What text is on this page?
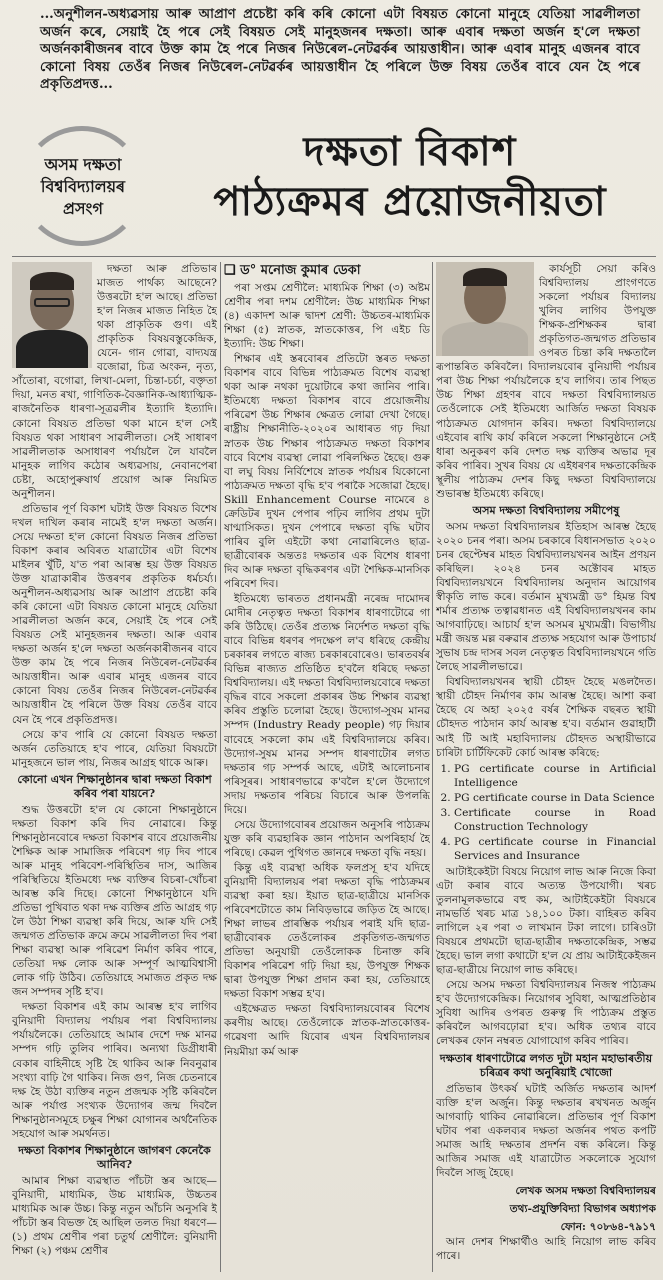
...অনুশীলন-অধ্যৱসায় আৰু আপ্ৰাণ প্ৰচেষ্টা কৰি কৰি কোনো এটা বিষয়ত কোনো মানুহে যেতিয়া সাৱলীলতা অৰ্জন কৰে, সেয়াই হৈ পৰে সেই বিষয়ত সেই মানুহজনৰ দক্ষতা। আৰু এবাৰ দক্ষতা অৰ্জন হ'লে দক্ষতা অৰ্জনকাৰীজনৰ বাবে উক্ত কাম হৈ পৰে নিজৰ নিউৰেল-নেটৱৰ্কৰ আয়ত্তাধীন। আৰু এবাৰ মানুহ এজনৰ বাবে কোনো বিষয় তেওঁৰ নিজৰ নিউৰেল-নেটৱৰ্কৰ আয়ত্তাধীন হৈ পৰিলে উক্ত বিষয় তেওঁৰ বাবে যেন হৈ পৰে প্ৰকৃতিপ্ৰদত্ত...

অসম দক্ষতা
বিশ্ববিদ্যালয়ৰ
প্ৰসংগ
দক্ষতা বিকাশ
পাঠ্যক্ৰমৰ প্ৰয়োজনীয়তা

দক্ষতা আৰু প্ৰতিভাৰ মাজত পাৰ্থক্য আছেনে? উত্তৰটো হ'ল আছে। প্ৰতিভা হ'ল নিজৰ মাজত নিহিত হৈ থকা প্ৰাকৃতিক গুণ। এই প্ৰাকৃতিক বিষয়বস্তুকেন্দ্ৰিক, যেনে- গান গোৱা, বাদ্যযন্ত্ৰ বজোৱা, চিত্ৰ অংকন, নৃত্য, সাঁতোৰা, বগোৱা, লিখা-মেলা, চিন্তা-চৰ্চা, বক্তৃতা দিয়া, মনত ৰখা, গাণিতিক-বৈজ্ঞানিক-আধ্যাত্মিক-ৰাজনৈতিক ধাৰণা-সূত্ৰৱলীৰ ইত্যাদি ইত্যাদি। কোনো বিষয়ত প্ৰতিভা থকা মানে হ'ল সেই বিষয়ত থকা সাধাৰণ সাৱলীলতা। সেই সাধাৰণ সাৱলীলতাক অসাধাৰণ পৰ্যায়লৈ লৈ যাবলৈ মানুহক লাগিব কঠোৰ অধ্যৱসায়, নেবানপেৰা চেষ্টা, অহোপুৰুষাৰ্থ প্ৰয়োগ আৰু নিয়মিত অনুশীলন।

প্ৰতিভাৰ পূৰ্ণ বিকাশ ঘটাই উক্ত বিষয়ত বিশেষ দখল দাখিল কৰাৰ নামেই হ'ল দক্ষতা অৰ্জন। সেয়ে দক্ষতা হ'ল কোনো বিষয়ত নিজৰ প্ৰতিভা বিকাশ কৰাৰ অবিৰত যাত্ৰাটোৰ এটা বিশেষ মাইলৰ খুঁটি, য'ত পৰা আৰম্ভ হয় উক্ত বিষয়ত উক্ত যাত্ৰাকাৰীৰ উত্তৰণৰ প্ৰকৃতিক ধৰ্মচৰ্য্য। অনুশীলন-অধ্যৱসায় আৰু আপ্ৰাণ প্ৰচেষ্টা কৰি কৰি কোনো এটা বিষয়ত কোনো মানুহে যেতিয়া সাৱলীলতা অৰ্জন কৰে, সেয়াই হৈ পৰে সেই বিষয়ত সেই মানুহজনৰ দক্ষতা। আৰু এবাৰ দক্ষতা অৰ্জন হ'লে দক্ষতা অৰ্জনকাৰীজনৰ বাবে উক্ত কাম হৈ পৰে নিজৰ নিউৰেল-নেটৱৰ্কৰ আয়ত্তাধীন। আৰু এবাৰ মানুহ এজনৰ বাবে কোনো বিষয় তেওঁৰ নিজৰ নিউৰেল-নেটৱৰ্কৰ আয়ত্তাধীন হৈ পৰিলে উক্ত বিষয় তেওঁৰ বাবে যেন হৈ পৰে প্ৰকৃতিপ্ৰদত্ত।

সেয়ে ক'ব পাৰি যে কোনো বিষয়ত দক্ষতা অৰ্জন তেতিয়াহে হ'ব পাৰে, যেতিয়া বিষয়টো মানুহজনে ভাল পায়, নিজৰ আগ্ৰহ থাকে আৰু।

কোনো এখন শিক্ষানুষ্ঠানৰ দ্বাৰা দক্ষতা বিকাশ কৰিব পৰা যায়নে?

শুদ্ধ উত্তৰটো হ'ল যে কোনো শিক্ষানুষ্ঠানে দক্ষতা বিকাশ কৰি দিব নোৱাৰে। কিন্তু শিক্ষানুষ্ঠানবোৰে দক্ষতা বিকাশৰ বাবে প্ৰয়োজনীয় শৈক্ষিক আৰু সামাজিক পৰিবেশ গঢ় দিব পাৰে আৰু মানুহ পৰিবেশ-পৰিস্থিতিৰ দাস, আজিৰ পৰিস্থিতিয়ে ইতিমধ্যে দক্ষ ব্যক্তিৰ বিচৰা-খোঁচৰা আৰম্ভ কৰি দিছে। কোনো শিক্ষানুষ্ঠানে যদি প্ৰতিভা পুখিবাত থকা দক্ষ ব্যক্তিৰ প্ৰতি আগ্ৰহ গঢ় লৈ উঠা শিক্ষা ব্যৱস্থা কৰি দিয়ে, আৰু যদি সেই জন্মগত প্ৰতিভাক ক্ৰমে ক্ৰমে সাৱলীলতা দিব পৰা শিক্ষা ব্যৱস্থা আৰু পৰিৱেশ নিৰ্মাণ কৰিব পাৰে, তেতিয়া দক্ষ লোক আৰু সম্পূৰ্ণ আত্মবিশ্বাসী লোক গঢ়ি উঠিব। তেতিয়াহে সমাজত প্ৰকৃত দক্ষ জন সম্পদৰ সৃষ্টি হ'ব।

দক্ষতা বিকাশৰ এই কাম আৰম্ভ হ'ব লাগিব বুনিয়াদী বিদ্যালয় পৰ্যায়ৰ পৰা বিশ্ববিদ্যালয় পৰ্যায়লৈকে। তেতিয়াহে আমাৰ দেশে দক্ষ মানৱ সম্পদ গঢ়ি তুলিব পাৰিব। অন্যথা ডিগ্ৰীধাৰী বেকাৰ বাহিনীহে সৃষ্টি হৈ থাকিব আৰু নিবনুৱাৰ সংখ্যা বাঢ়ি গৈ থাকিব। নিজ গুণ, নিজ চেতনাৰে দক্ষ হৈ উঠা ব্যক্তিৰ নতুন প্ৰজন্মক সৃষ্টি কৰিবলৈ আৰু পৰ্যাপ্ত সংখ্যক উদ্যোগৰ জন্ম দিবলৈ শিক্ষানুষ্ঠানসমূহে চক্ষুৰ শিক্ষা যোগানৰ অৰ্থনৈতিক সহযোগ আৰু সমৰ্থনত।

দক্ষতা বিকাশৰ শিক্ষানুষ্ঠানে জাগৰণ কেনেকৈ আনিব?

আমাৰ শিক্ষা ব্যৱস্থাত পাঁচটা স্তৰ আছে— বুনিয়াদী, মাধ্যমিক, উচ্চ মাধ্যমিক, উচ্চতৰ মাধ্যমিক আৰু উচ্চ। কিন্তু নতুন আঁচনি অনুসৰি ই পাঁচটা স্তৰ বিভক্ত হৈ আছিল তলত দিয়া ধৰণে—(১) প্ৰথম শ্ৰেণীৰ পৰা চতুৰ্থ শ্ৰেণীলৈ: বুনিয়াদী শিক্ষা (২) পঞ্চম শ্ৰেণীৰ

❑ ড° মনোজ কুমাৰ ডেকা

পৰা সপ্তম শ্ৰেণীলৈ: মাধ্যমিক শিক্ষা (৩) অষ্টম শ্ৰেণীৰ পৰা দশম শ্ৰেণীলৈ: উচ্চ মাধ্যমিক শিক্ষা (৪) একাদশ আৰু দ্বাদশ শ্ৰেণী: উচ্চতৰ-মাধ্যমিক শিক্ষা (৫) স্নাতক, স্নাতকোত্তৰ, পি এইচ ডি ইত্যাদি: উচ্চ শিক্ষা।

শিক্ষাৰ এই স্তৰবোৰৰ প্ৰতিটো স্তৰত দক্ষতা বিকাশৰ বাবে বিভিন্ন পাঠ্যক্ৰমত বিশেষ ব্যৱস্থা থকা আৰু নথকা দুয়োটাৰে কথা জানিব পাৰি। ইতিমধ্যে দক্ষতা বিকাশৰ বাবে প্ৰয়োজনীয় পৰিৱেশ উচ্চ শিক্ষাৰ ক্ষেত্ৰত লোৱা দেখা গৈছে। ৰাষ্ট্ৰীয় শিক্ষানীতি-২০২০ৰ আধাৰত গঢ় দিয়া স্নাতক উচ্চ শিক্ষাৰ পাঠ্যক্ৰমত দক্ষতা বিকাশৰ বাবে বিশেষ ব্যৱস্থা লোৱা পৰিলক্ষিত হৈছে। গুৰু বা লঘু বিষয় নিৰ্বিশেষে স্নাতক পৰ্যায়ৰ যিকোনো পাঠ্যক্ৰমত দক্ষতা বৃদ্ধি হ'ব পৰাকৈ সজোৱা হৈছে। Skill Enhancement Course নামেৰে ৪ ক্ৰেডিটৰ দুখন পেপাৰ পঢ়িব লাগিব প্ৰথম দুটা ষাণ্মাসিকত। দুখন পেপাৰে দক্ষতা বৃদ্ধি ঘটাব পাৰিব বুলি এইটো কথা নোৱাৰিলেও ছাত্ৰ-ছাত্ৰীবোৰক অন্ততঃ দক্ষতাৰ এক বিশেষ ধাৰণা দিব আৰু দক্ষতা বৃদ্ধিকৰণৰ এটা শৈক্ষিক-মানসিক পৰিবেশ দিব।

ইতিমধ্যে ভাৰতত প্ৰধানমন্ত্ৰী নৰেন্দ্ৰ দামোদৰ মোদীৰ নেতৃত্বত দক্ষতা বিকাশৰ ধাৰণাটোৱে গা কৰি উঠিছে। তেওঁৰ প্ৰত্যক্ষ নিৰ্দেশত দক্ষতা বৃদ্ধি বাবে বিভিন্ন ধৰণৰ পদক্ষেপ ল'ব ধৰিছে কেন্দ্ৰীয় চৰকাৰৰ লগতে ৰাজ্য চৰকাৰবোৰেও। ভাৰতবৰ্ষৰ বিভিন্ন ৰাজ্যত প্ৰতিষ্ঠিত হ'বলৈ ধৰিছে দক্ষতা বিশ্ববিদ্যালয়। এই দক্ষতা বিশ্ববিদ্যালয়বোৰে দক্ষতা বৃদ্ধিৰ বাবে সকলো প্ৰকাৰৰ উচ্চ শিক্ষাৰ ব্যৱস্থা কৰিব প্ৰস্তুতি চলোৱা হৈছে। উদ্যোগ-সুষম মানৱ সম্পদ (Industry Ready people) গঢ় দিয়াৰ বাবেহে সকলো কাম এই বিশ্ববিদ্যালয়ে কৰিব। উদ্যোগ-সুষম মানৱ সম্পদ ধাৰণাটোৰ লগত দক্ষতাৰ গঢ় সম্পৰ্ক আছে, এটাই আলোচনাৰ পৰিসূৰৰ। সাধাৰণভাৱে ক'বলৈ হ'লে উদ্যোগে সদায় দক্ষতাৰ পৰিচয় বিচাৰে আৰু উপলব্ধি দিয়ে।

সেয়ে উদ্যোগবোৰৰ প্ৰয়োজন অনুসৰি পাঠ্যক্ৰম যুক্ত কৰি ব্যৱহাৰিক জ্ঞান পাঠদান অপৰিহাৰ্য হৈ পৰিছে। কেৱল পুথিগত জ্ঞানৰে দক্ষতা বৃদ্ধি নহয়।

কিন্তু এই ব্যৱস্থা অধিক ফলপ্ৰসূ হ'ব যদিহে বুনিয়াদী বিদ্যালয়ৰ পৰা দক্ষতা বৃদ্ধি পাঠ্যক্ৰমৰ ব্যৱস্থা কৰা হয়। ইয়াত ছাত্ৰ-ছাত্ৰীয়ে মানসিক পৰিবেশটোতে কাম নিবিড়ভাৱে জড়িত হৈ আছে। শিক্ষা লাভৰ প্ৰাৰম্ভিক পৰ্যায়ৰ পৰাই যদি ছাত্ৰ-ছাত্ৰীবোৰক তেওঁলোকৰ প্ৰকৃতিগত-জন্মগত প্ৰতিভা অনুযায়ী তেওঁলোকক চিনাক্ত কৰি বিকাশৰ পৰিৱেশ গঢ়ি দিয়া হয়, উপযুক্ত শিক্ষক দ্বাৰা উপযুক্ত শিক্ষা প্ৰদান কৰা হয়, তেতিয়াহে দক্ষতা বিকাশ সম্ভৱ হ'ব।

এইক্ষেত্ৰত দক্ষতা বিশ্ববিদ্যালয়বোৰৰ বিশেষ কৰণীয় আছে। তেওঁলোকে স্নাতক-স্নাতকোত্তৰ-গৱেষণা আদি যিবোৰ এখন বিশ্ববিদ্যালয়ৰ নিয়মীয়া কৰ্ম আৰু

কাৰ্যসূচী সেয়া কৰিও বিশ্ববিদ্যালয় প্ৰাংগণতে সকলো পৰ্যায়ৰ বিদ্যালয় খুলিব লাগিব উপযুক্ত শিক্ষক-প্ৰশিক্ষকৰ দ্বাৰা প্ৰকৃতিগত-জন্মগত প্ৰতিভাৰ ওপৰত চিন্তা কৰি দক্ষতালৈ ৰূপান্তৰিত কৰিবলৈ। বিদ্যালয়বোৰ বুনিয়াদী পৰ্যায়ৰ পৰা উচ্চ শিক্ষা পৰ্যায়লৈকে হ'ব লাগিব। তাৰ পিছত উচ্চ শিক্ষা গ্ৰহণৰ বাবে দক্ষতা বিশ্ববিদ্যালয়ত তেওঁলোকে সেই ইতিমধ্যে আৰ্জিত দক্ষতা বিষয়ক পাঠ্যক্ৰমত যোগদান কৰিব। দক্ষতা বিশ্ববিদ্যালয়ে এইবোৰ ৰাখি কাৰ্য কৰিলে সকলো শিক্ষানুষ্ঠানে সেই ধাৰা অনুকৰণ কৰি দেশত দক্ষ ব্যক্তিৰ অভাৱ দূৰ কৰিব পাৰিব। সুখৰ বিষয় যে এইধৰণৰ দক্ষতাকেন্দ্ৰিক স্থূলীয় পাঠ্যক্ৰম দেশৰ কিছু দক্ষতা বিশ্ববিদ্যালয়ে শুভাৰম্ভ ইতিমধ্যে কৰিছে।

অসম দক্ষতা বিশ্ববিদ্যালয় সমীপেষু

অসম দক্ষতা বিশ্ববিদ্যালয়ৰ ইতিহাস আৰম্ভ হৈছে ২০২০ চনৰ পৰা। অসম চৰকাৰে বিধানসভাত ২০২০ চনৰ ছেপ্টেম্বৰ মাহত বিশ্ববিদ্যালয়খনৰ আইন প্ৰণয়ন কৰিছিল। ২০২৪ চনৰ অক্টোবৰ মাহত বিশ্ববিদ্যালয়খনে বিশ্ববিদ্যালয় অনুদান আয়োগৰ স্বীকৃতি লাভ কৰে। বৰ্তমান মুখ্যমন্ত্ৰী ড° হিমন্ত বিশ্ব শৰ্মাৰ প্ৰত্যক্ষ তত্বাৱধানত এই বিশ্ববিদ্যালয়খনৰ কাম আগবাঢ়িছে। আচাৰ্য হ'ল অসমৰ মুখ্যমন্ত্ৰী। বিভাগীয় মন্ত্ৰী জয়ন্ত মল্ল বৰুৱাৰ প্ৰত্যক্ষ সহযোগ আৰু উপাচাৰ্য সুভাষ চন্দ্ৰ দাসৰ সবল নেতৃত্বত বিশ্ববিদ্যালয়খনে গতি লৈছে সাৱলীলভাৱে।

বিশ্ববিদ্যালয়খনৰ স্থায়ী চৌহদ হৈছে মঙলদৈত। স্থায়ী চৌহদ নিৰ্মাণৰ কাম আৰম্ভ হৈছে। আশা কৰা হৈছে যে অহা ২০২৫ বৰ্ষৰ শৈক্ষিক বছৰত স্থায়ী চৌহদত পাঠদান কাৰ্য আৰম্ভ হ'ব। বৰ্তমান গুৱাহাটী আই টি আই মহাবিদ্যালয় চৌহদত অস্থায়ীভাৱে চাৰিটা চাৰ্টিফিকেট কোৰ্চ আৰম্ভ কৰিছে:

1. PG certificate course in Artificial Intelligence
2. PG certificate course in Data Science
3. Certificate course in Road Construction Technology
4. PG certificate course in Financial Services and Insurance

আটাইকেইটা বিষয়ে নিয়োগ লাভ আৰু নিজে কিবা এটা কৰাৰ বাবে অত্যন্ত উপযোগী। খৰচ তুলনামূলকভাৱে বহু কম, আটাইকেইটা বিষয়ৰে নামভৰ্তি খৰচ মাত্ৰ ১৪,১০০ টকা। বাহিৰত কৰিব লাগিলে ২ৰ পৰা ৩ লাখমান টকা লাগে। চাৰিওটা বিষয়ৰে প্ৰথমটো ছাত্ৰ-ছাত্ৰীৰ দক্ষতাকেন্দ্ৰিক, সম্ভৱ হৈছে। ভাল লগা কথাটো হ'ল যে প্ৰায় আটাইকেইজন ছাত্ৰ-ছাত্ৰীয়ে নিয়োগ লাভ কৰিছে।

সেয়ে অসম দক্ষতা বিশ্ববিদ্যালয়ৰ নিজস্ব পাঠ্যক্ৰম হ'ব উদ্যোগকেন্দ্ৰিক। নিয়োগৰ সুবিধা, আত্মপ্ৰতিষ্ঠাৰ সুবিধা আদিৰ ওপৰত গুৰুত্ব দি পাঠ্যক্ৰম প্ৰস্তুত কৰিবলৈ আগবঢ়োৱা হ'ব। অধিক তথ্যৰ বাবে লেখকৰ ফোন নম্বৰত যোগাযোগ কৰিব পাৰিব।

দক্ষতাৰ ধাৰণাটোৱে লগত দুটা মহান মহাভাৰতীয় চৰিত্ৰৰ কথা অনুৰিয়াই খোজো

প্ৰতিভাৰ উৎকৰ্ষ ঘটাই অৰ্জিত দক্ষতাৰ আদৰ্শ ব্যক্তি হ'ল অৰ্জুন। কিন্তু দক্ষতাৰ ৰখখনত অৰ্জুন আগবাঢ়ি থাকিব নোৱাৰিলে। প্ৰতিভাৰ পূৰ্ণ বিকাশ ঘটাব পৰা একলব্যৰ দক্ষতা অৰ্জনৰ পথত কপটি সমাজ আহি দক্ষতাৰ প্ৰদৰ্শন বন্ধ কৰিলে। কিন্তু আজিৰ সমাজ এই যাত্ৰাটোত সকলোকে সুযোগ দিবলৈ সাজু হৈছে।

লেখক অসম দক্ষতা বিশ্ববিদ্যালয়ৰ

তথ্য-প্ৰযুক্তিবিদ্যা বিভাগৰ অধ্যাপক

ফোন: ৭০৮৬৪-৭৯১৭

আন দেশৰ শিক্ষাৰ্থীও আহি নিয়োগ লাভ কৰিব পাৰে।
